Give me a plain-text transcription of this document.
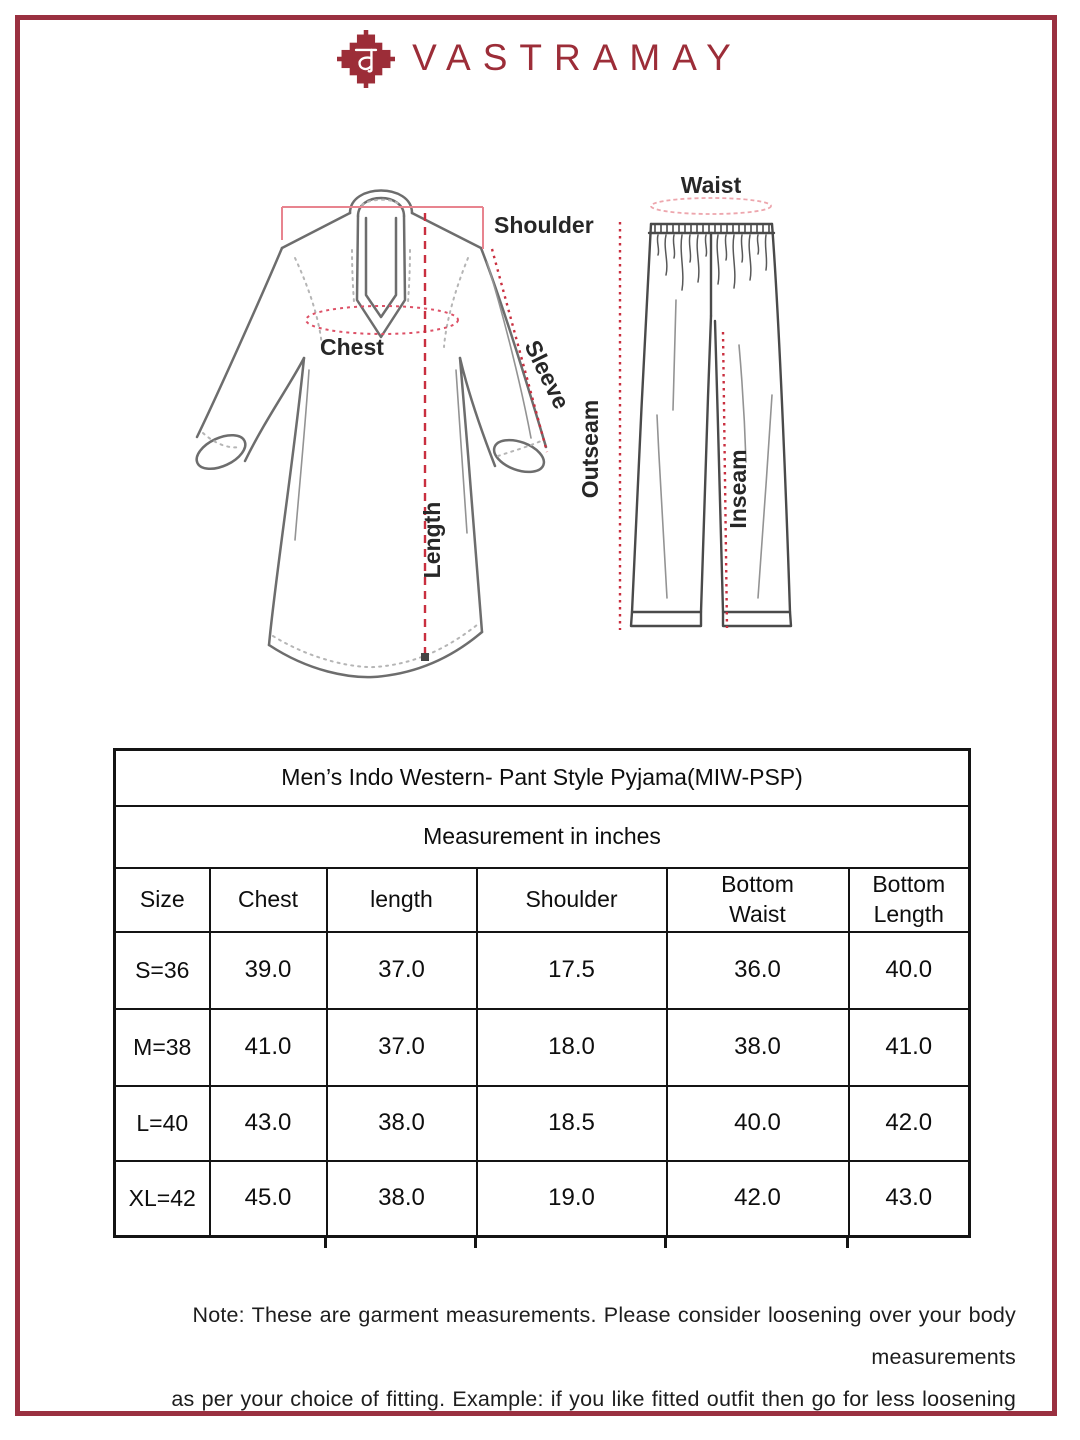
VASTRAMAY
Shoulder
Chest	Sleeve
Length
Waist
Outseam	Inseam
Men’s Indo Western- Pant Style Pyjama(MIW-PSP)					
Measurement in inches					
Size	Chest	length	Shoulder	Bottom Waist	Bottom Length
S=36	39.0	37.0	17.5	36.0	40.0
M=38	41.0	37.0	18.0	38.0	41.0
L=40	43.0	38.0	18.5	40.0	42.0
XL=42	45.0	38.0	19.0	42.0	43.0
Note: These are garment measurements. Please consider loosening over your body measurements
as per your choice of fitting. Example: if you like fitted outfit then go for less loosening
